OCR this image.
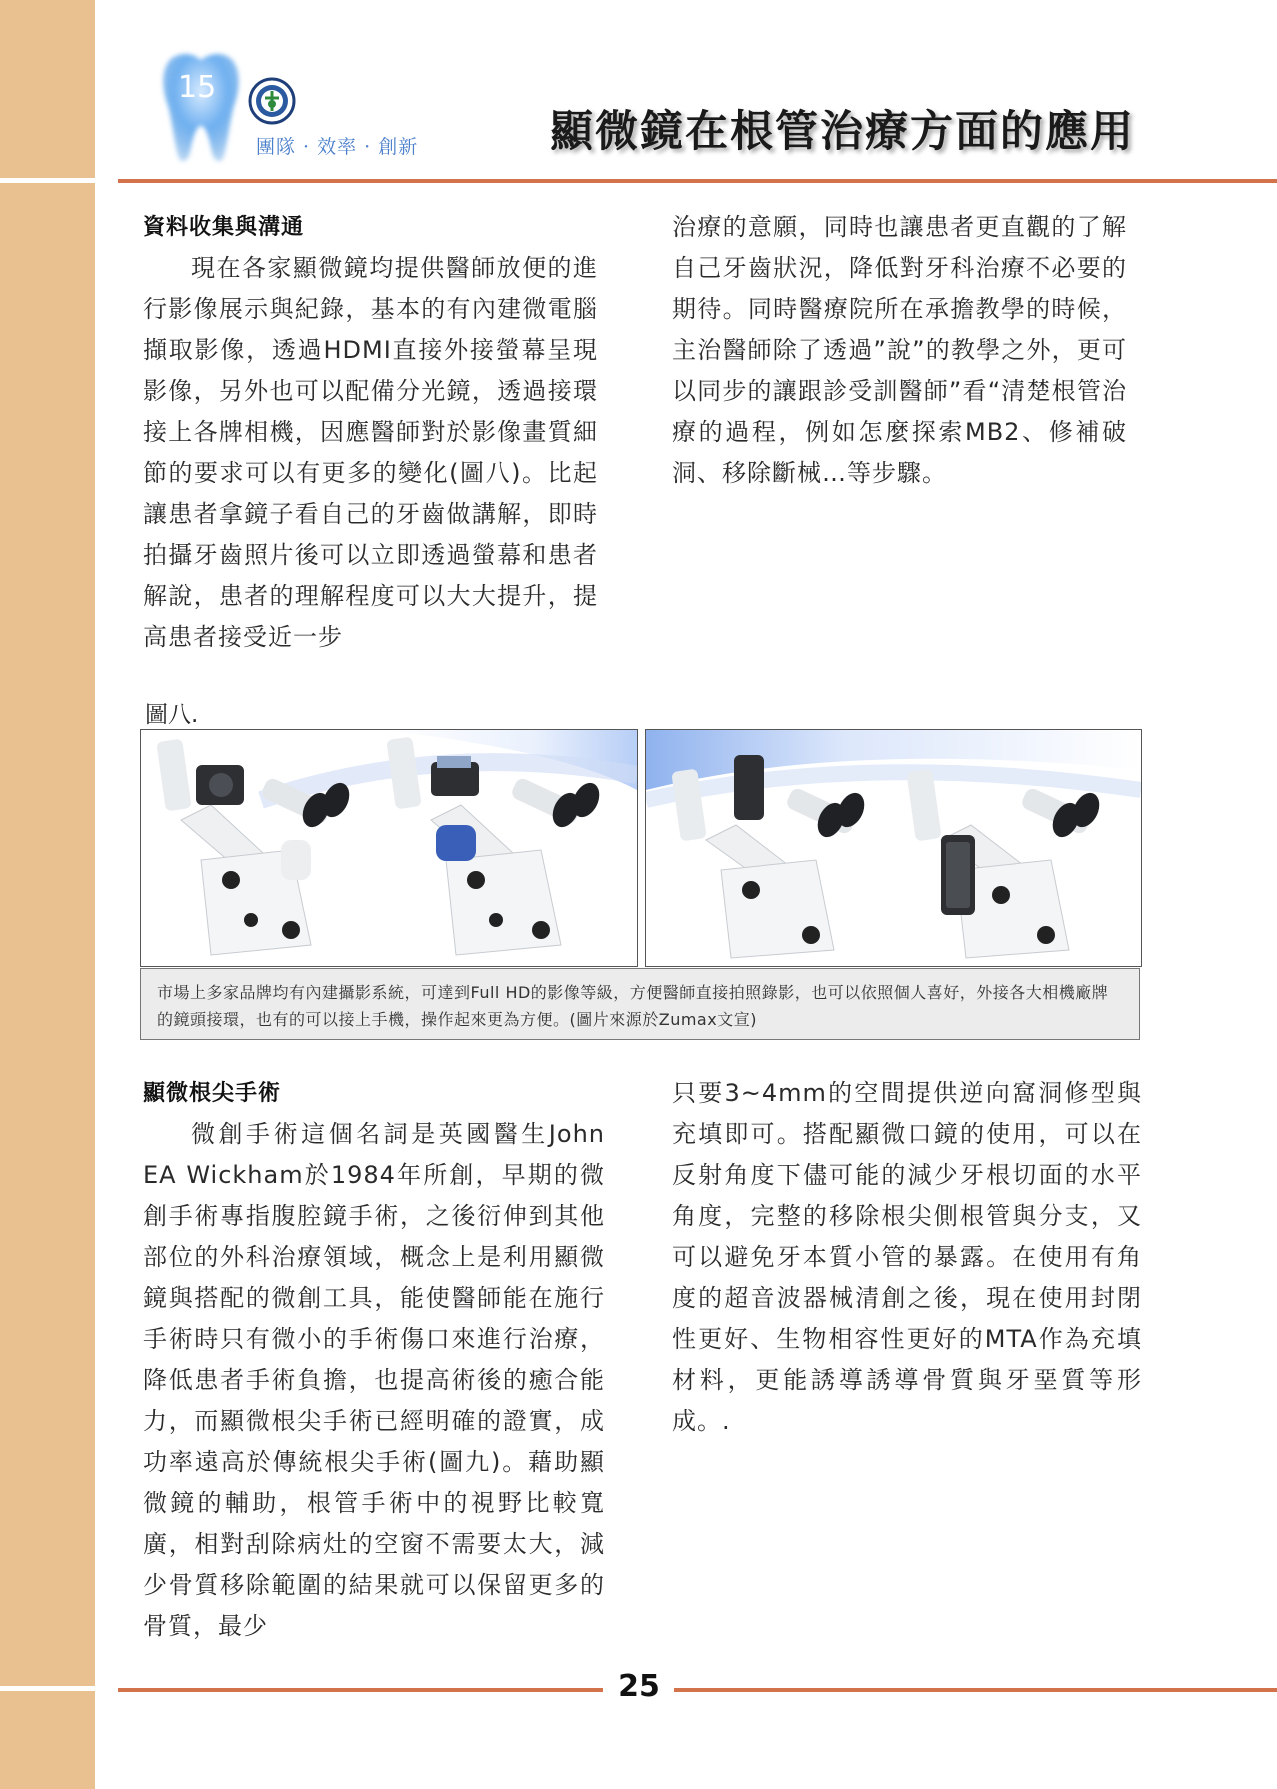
15
團隊 · 效率 · 創新	顯微鏡在根管治療方面的應用

資料收集與溝通

現在各家顯微鏡均提供醫師放便的進行影像展示與紀錄，基本的有內建微電腦擷取影像，透過HDMI直接外接螢幕呈現影像，另外也可以配備分光鏡，透過接環接上各牌相機，因應醫師對於影像畫質細節的要求可以有更多的變化(圖八)。比起讓患者拿鏡子看自己的牙齒做講解，即時拍攝牙齒照片後可以立即透過螢幕和患者解說，患者的理解程度可以大大提升，提高患者接受近一步

治療的意願，同時也讓患者更直觀的了解自己牙齒狀況，降低對牙科治療不必要的期待。同時醫療院所在承擔教學的時候，主治醫師除了透過”說”的教學之外，更可以同步的讓跟診受訓醫師”看“清楚根管治療的過程，例如怎麼探索MB2、修補破洞、移除斷械…等步驟。

圖八.
市場上多家品牌均有內建攝影系統，可達到Full HD的影像等級，方便醫師直接拍照錄影，也可以依照個人喜好，外接各大相機廠牌的鏡頭接環，也有的可以接上手機，操作起來更為方便。(圖片來源於Zumax文宣)

顯微根尖手術

微創手術這個名詞是英國醫生John EA Wickham於1984年所創，早期的微創手術專指腹腔鏡手術，之後衍伸到其他部位的外科治療領域，概念上是利用顯微鏡與搭配的微創工具，能使醫師能在施行手術時只有微小的手術傷口來進行治療，降低患者手術負擔，也提高術後的癒合能力，而顯微根尖手術已經明確的證實，成功率遠高於傳統根尖手術(圖九)。藉助顯微鏡的輔助，根管手術中的視野比較寬廣，相對刮除病灶的空窗不需要太大，減少骨質移除範圍的結果就可以保留更多的骨質，最少

只要3~4mm的空間提供逆向窩洞修型與充填即可。搭配顯微口鏡的使用，可以在反射角度下儘可能的減少牙根切面的水平角度，完整的移除根尖側根管與分支，又可以避免牙本質小管的暴露。在使用有角度的超音波器械清創之後，現在使用封閉性更好、生物相容性更好的MTA作為充填材料，更能誘導誘導骨質與牙堊質等形成。.

25
